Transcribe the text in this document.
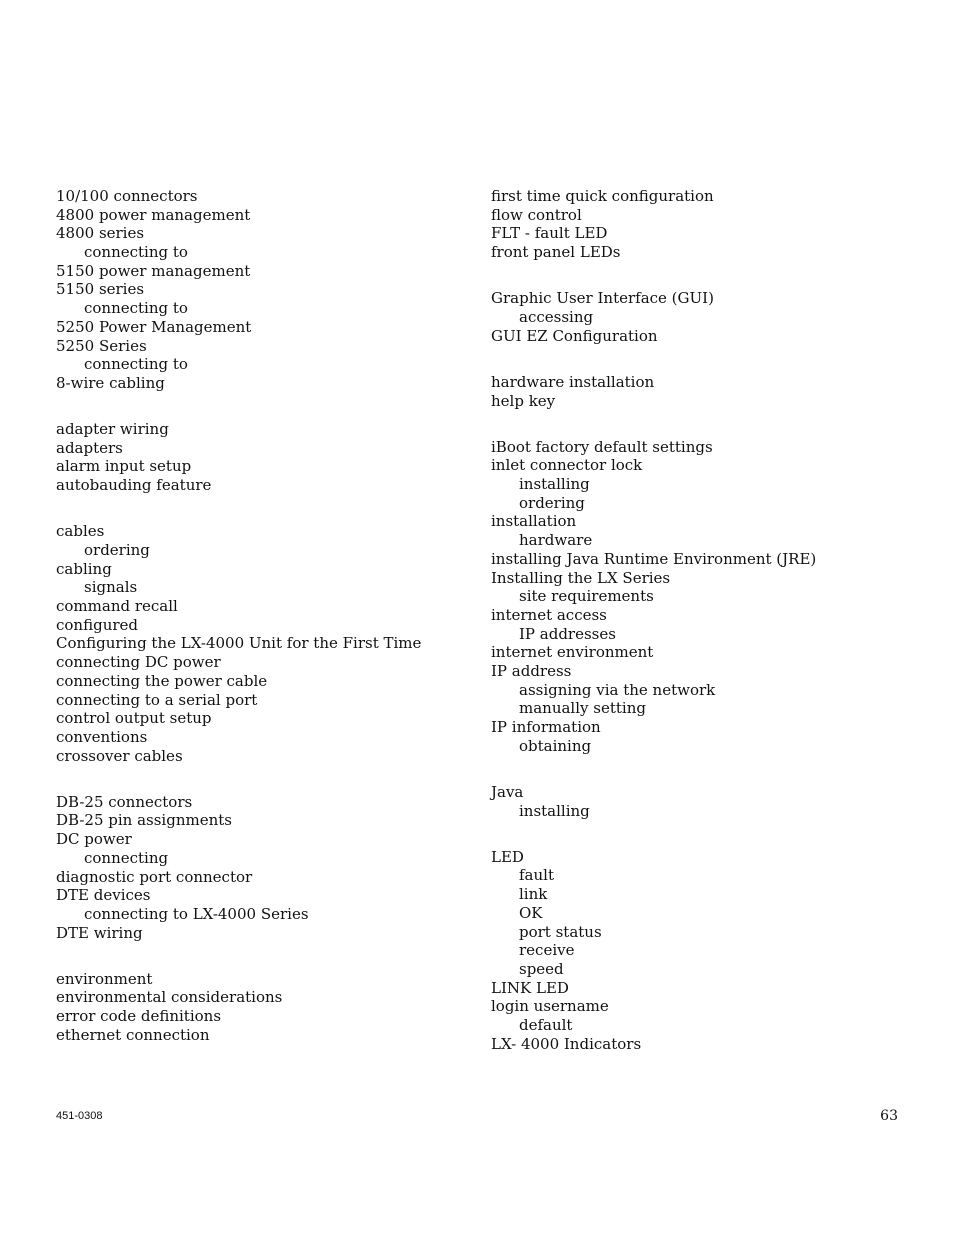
10/100 connectors
4800 power management
4800 series
connecting to
5150 power management
5150 series
connecting to
5250 Power Management
5250 Series
connecting to
8-wire cabling
adapter wiring
adapters
alarm input setup
autobauding feature
cables
ordering
cabling
signals
command recall
configured
Configuring the LX-4000 Unit for the First Time
connecting DC power
connecting the power cable
connecting to a serial port
control output setup
conventions
crossover cables
DB-25 connectors
DB-25 pin assignments
DC power
connecting
diagnostic port connector
DTE devices
connecting to LX-4000 Series
DTE wiring
environment
environmental considerations
error code definitions
ethernet connection
first time quick configuration
flow control
FLT - fault LED
front panel LEDs
Graphic User Interface (GUI)
accessing
GUI EZ Configuration
hardware installation
help key
iBoot factory default settings
inlet connector lock
installing
ordering
installation
hardware
installing Java Runtime Environment (JRE)
Installing the LX Series
site requirements
internet access
IP addresses
internet environment
IP address
assigning via the network
manually setting
IP information
obtaining
Java
installing
LED
fault
link
OK
port status
receive
speed
LINK LED
login username
default
LX- 4000 Indicators
451-0308	63
